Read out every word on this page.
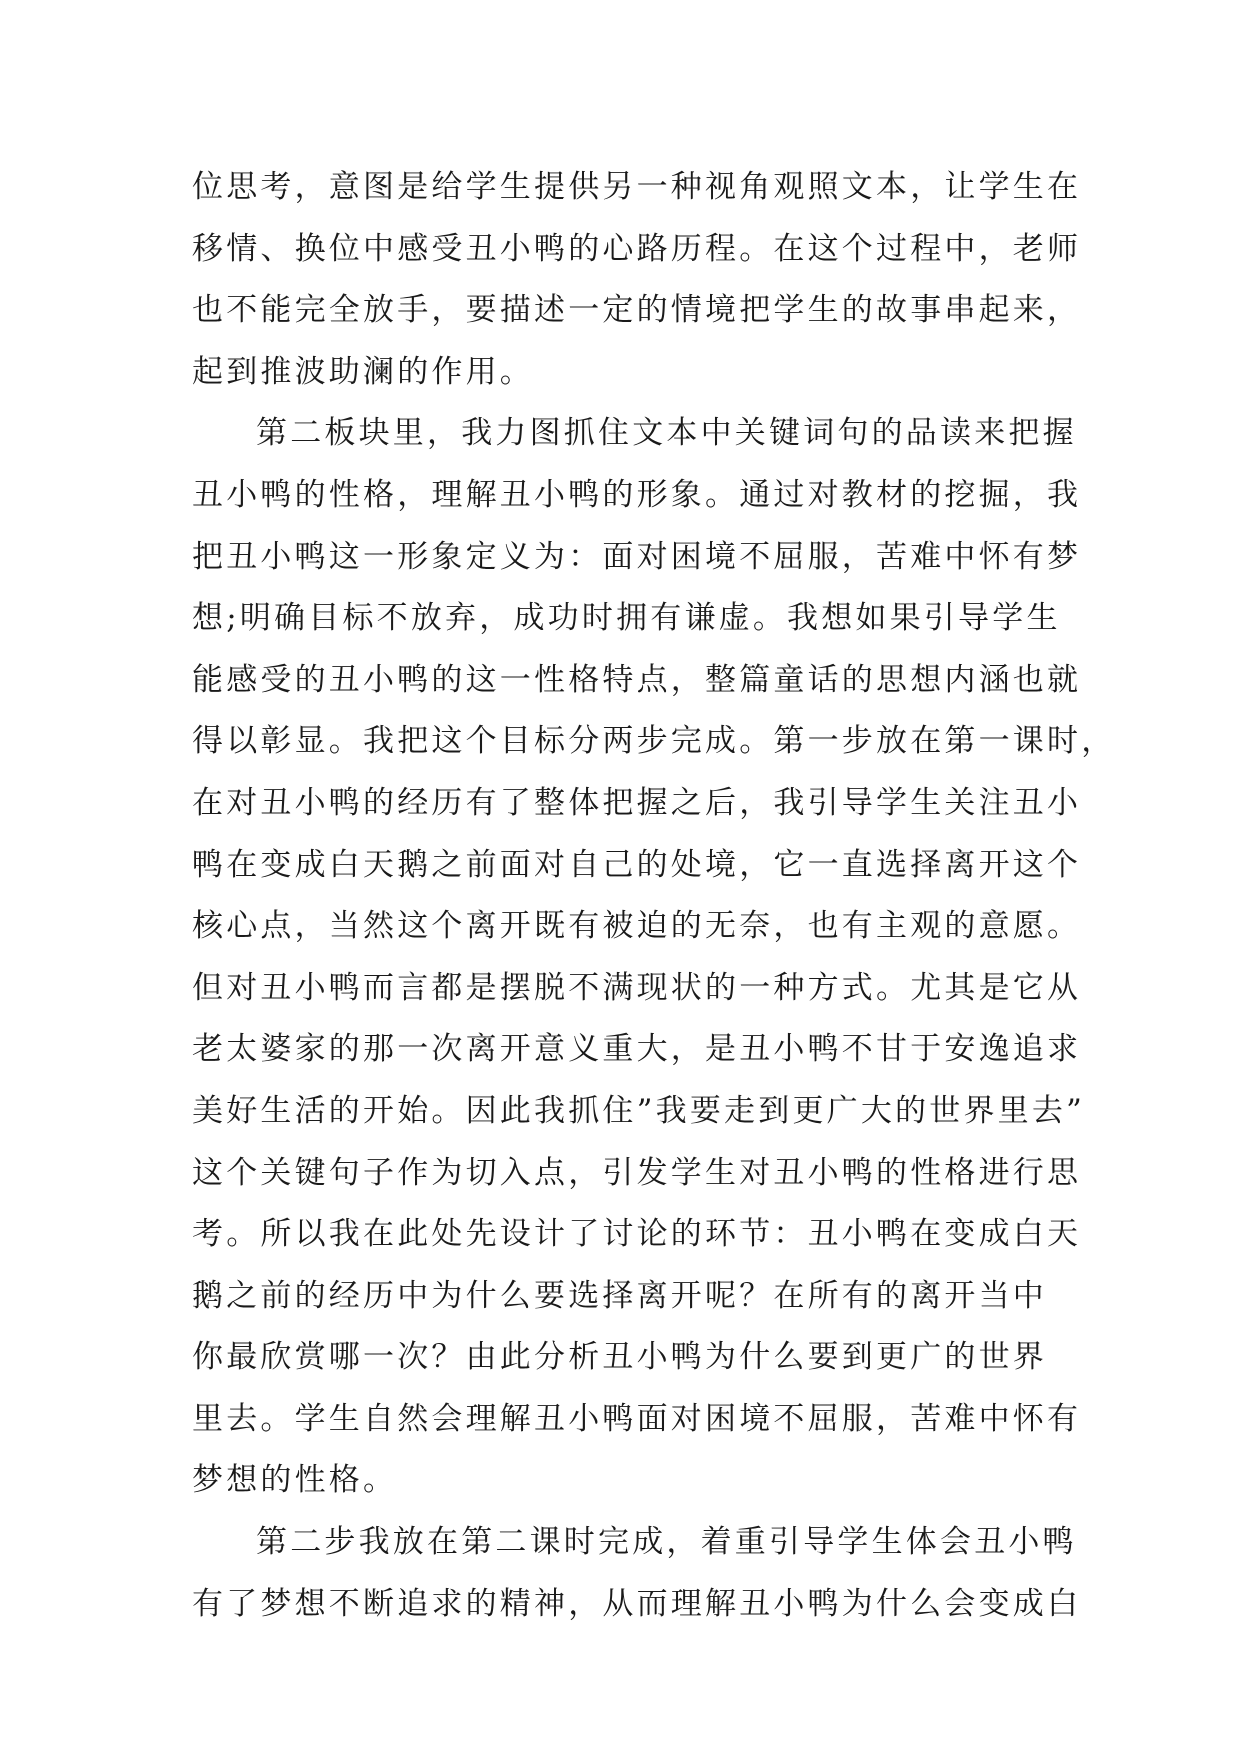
位思考，意图是给学生提供另一种视角观照文本，让学生在
移情、换位中感受丑小鸭的心路历程。在这个过程中，老师
也不能完全放手，要描述一定的情境把学生的故事串起来，
起到推波助澜的作用。
第二板块里，我力图抓住文本中关键词句的品读来把握
丑小鸭的性格，理解丑小鸭的形象。通过对教材的挖掘，我
把丑小鸭这一形象定义为：面对困境不屈服，苦难中怀有梦
想;明确目标不放弃，成功时拥有谦虚。我想如果引导学生
能感受的丑小鸭的这一性格特点，整篇童话的思想内涵也就
得以彰显。我把这个目标分两步完成。第一步放在第一课时，
在对丑小鸭的经历有了整体把握之后，我引导学生关注丑小
鸭在变成白天鹅之前面对自己的处境，它一直选择离开这个
核心点，当然这个离开既有被迫的无奈，也有主观的意愿。
但对丑小鸭而言都是摆脱不满现状的一种方式。尤其是它从
老太婆家的那一次离开意义重大，是丑小鸭不甘于安逸追求
美好生活的开始。因此我抓住”我要走到更广大的世界里去”
这个关键句子作为切入点，引发学生对丑小鸭的性格进行思
考。所以我在此处先设计了讨论的环节：丑小鸭在变成白天
鹅之前的经历中为什么要选择离开呢？在所有的离开当中
你最欣赏哪一次？由此分析丑小鸭为什么要到更广的世界
里去。学生自然会理解丑小鸭面对困境不屈服，苦难中怀有
梦想的性格。
第二步我放在第二课时完成，着重引导学生体会丑小鸭
有了梦想不断追求的精神，从而理解丑小鸭为什么会变成白
